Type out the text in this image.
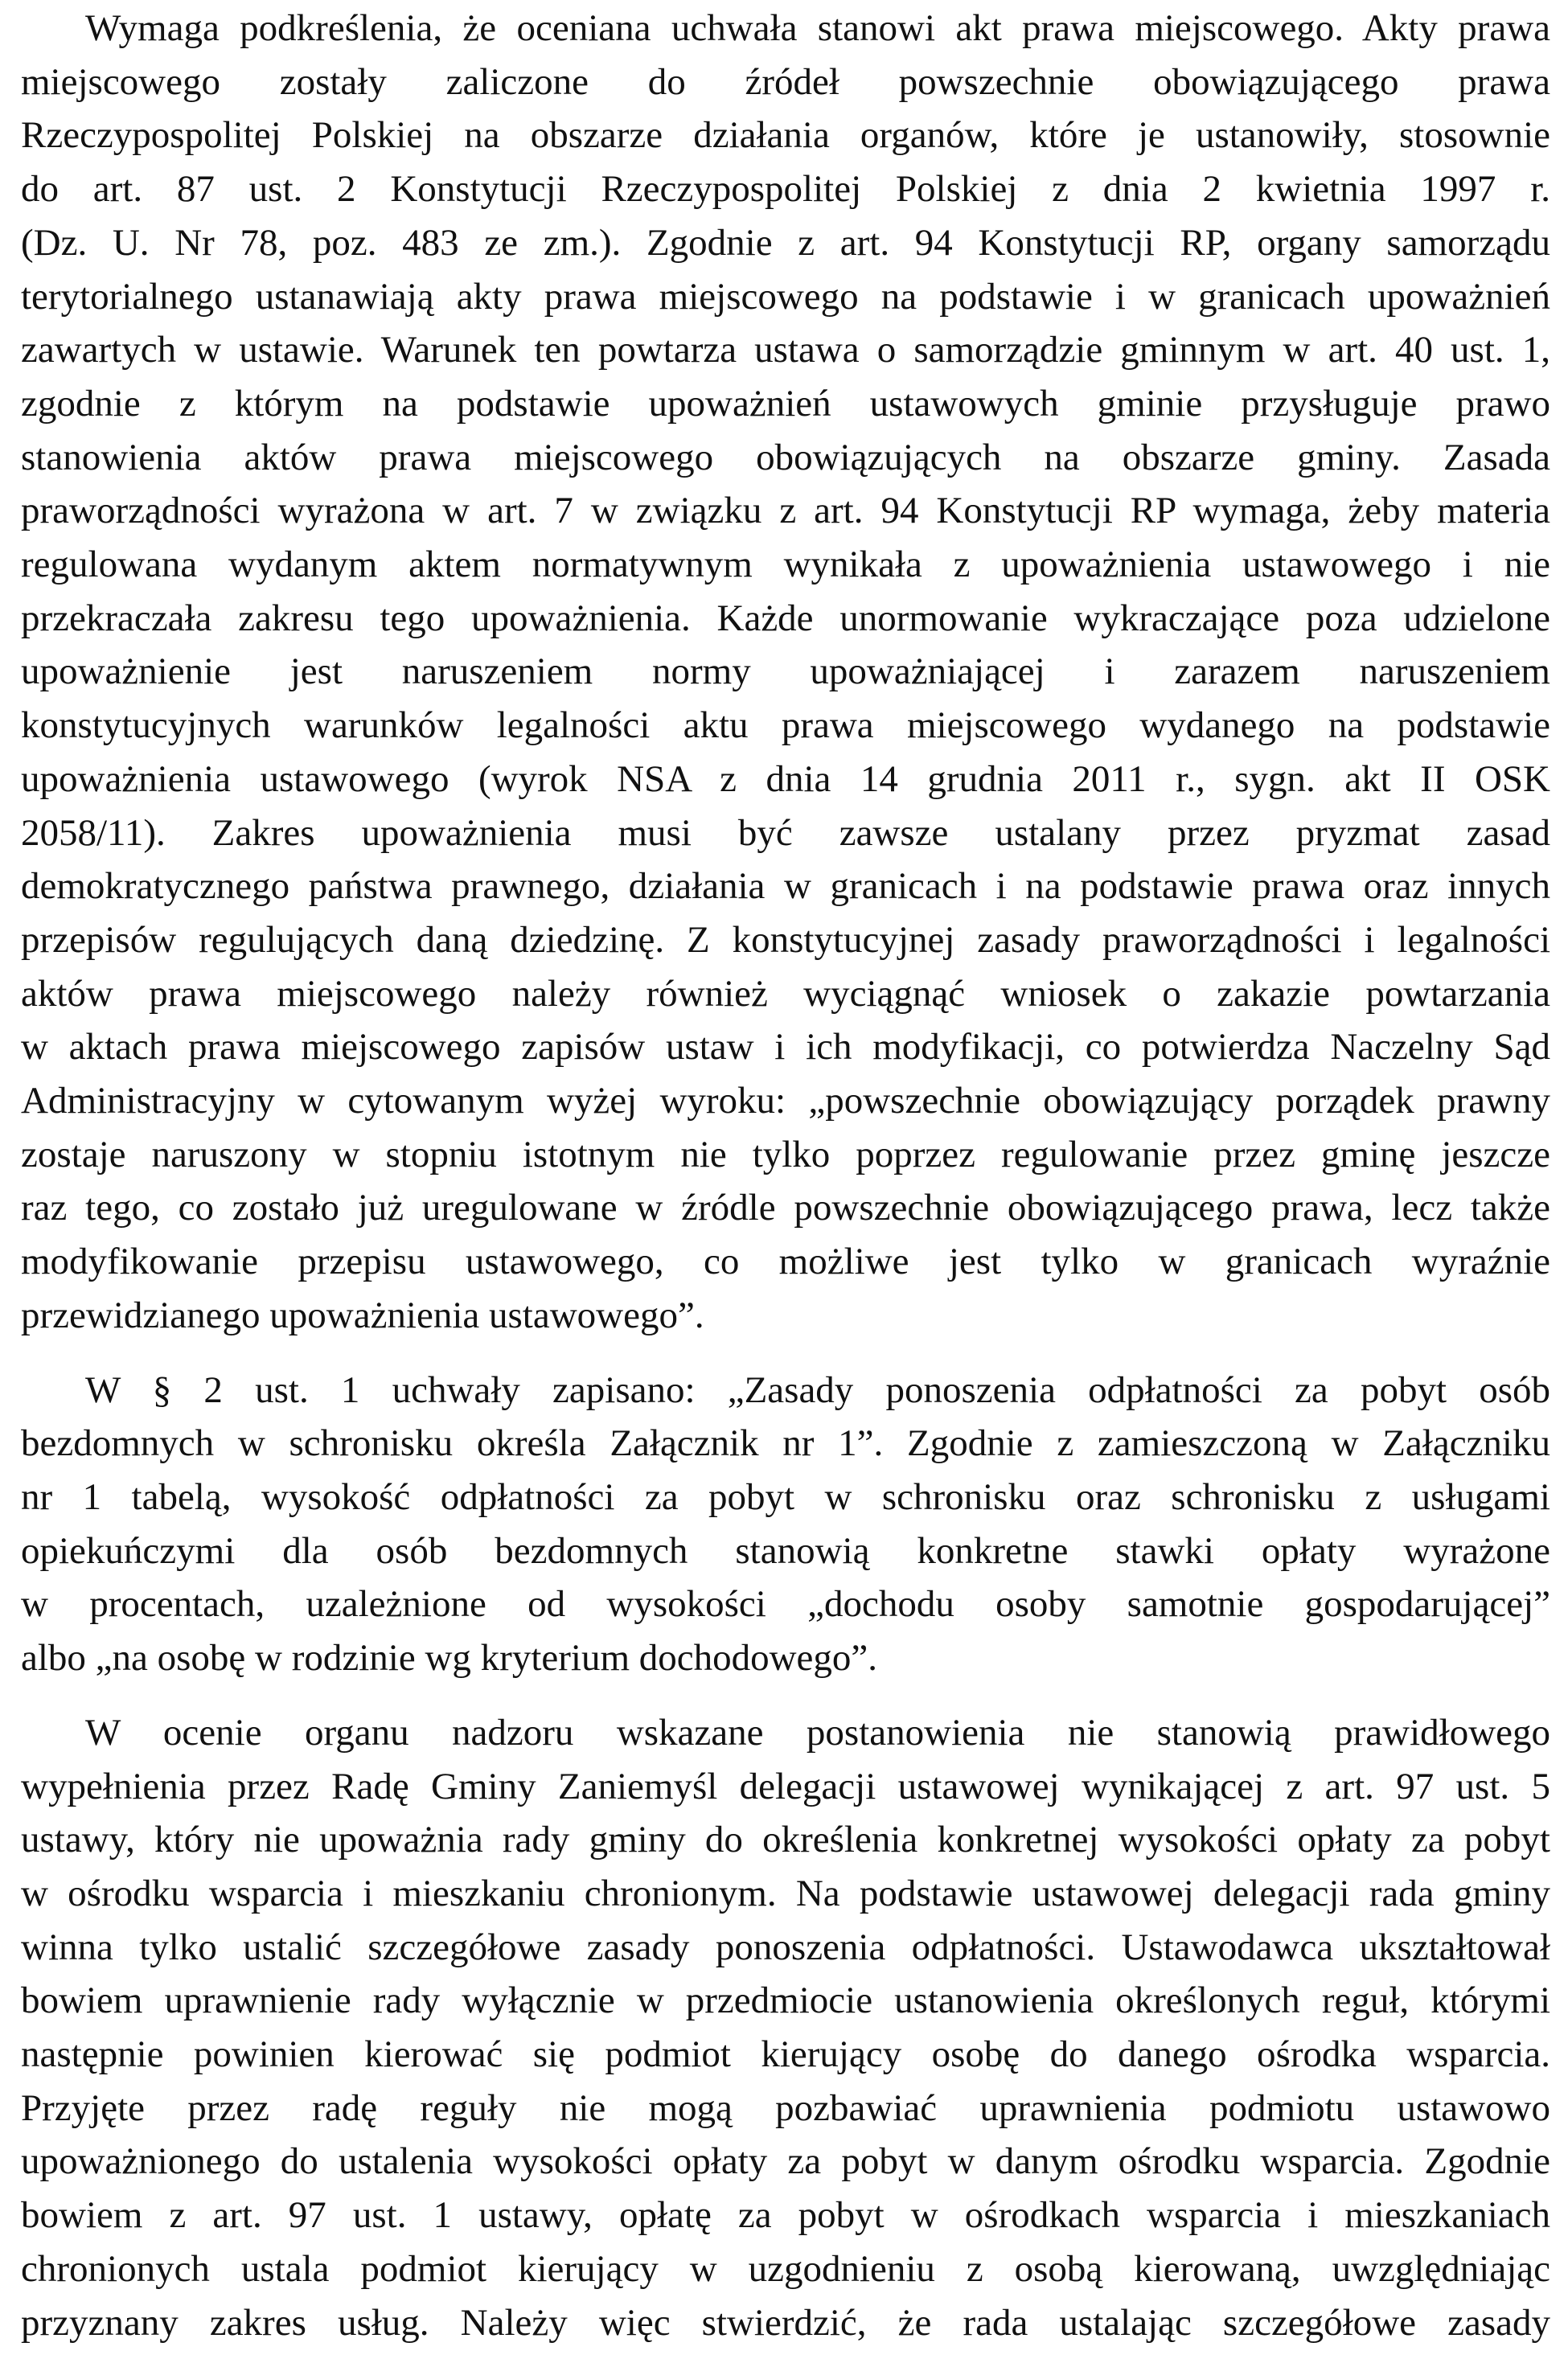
Wymaga podkreślenia, że oceniana uchwała stanowi akt prawa miejscowego. Akty prawa
miejscowego zostały zaliczone do źródeł powszechnie obowiązującego prawa
Rzeczypospolitej Polskiej na obszarze działania organów, które je ustanowiły, stosownie
do art. 87 ust. 2 Konstytucji Rzeczypospolitej Polskiej z dnia 2 kwietnia 1997 r.
(Dz. U. Nr 78, poz. 483 ze zm.). Zgodnie z art. 94 Konstytucji RP, organy samorządu
terytorialnego ustanawiają akty prawa miejscowego na podstawie i w granicach upoważnień
zawartych w ustawie. Warunek ten powtarza ustawa o samorządzie gminnym w art. 40 ust. 1,
zgodnie z którym na podstawie upoważnień ustawowych gminie przysługuje prawo
stanowienia aktów prawa miejscowego obowiązujących na obszarze gminy. Zasada
praworządności wyrażona w art. 7 w związku z art. 94 Konstytucji RP wymaga, żeby materia
regulowana wydanym aktem normatywnym wynikała z upoważnienia ustawowego i nie
przekraczała zakresu tego upoważnienia. Każde unormowanie wykraczające poza udzielone
upoważnienie jest naruszeniem normy upoważniającej i zarazem naruszeniem
konstytucyjnych warunków legalności aktu prawa miejscowego wydanego na podstawie
upoważnienia ustawowego (wyrok NSA z dnia 14 grudnia 2011 r., sygn. akt II OSK
2058/11). Zakres upoważnienia musi być zawsze ustalany przez pryzmat zasad
demokratycznego państwa prawnego, działania w granicach i na podstawie prawa oraz innych
przepisów regulujących daną dziedzinę. Z konstytucyjnej zasady praworządności i legalności
aktów prawa miejscowego należy również wyciągnąć wniosek o zakazie powtarzania
w aktach prawa miejscowego zapisów ustaw i ich modyfikacji, co potwierdza Naczelny Sąd
Administracyjny w cytowanym wyżej wyroku: „powszechnie obowiązujący porządek prawny
zostaje naruszony w stopniu istotnym nie tylko poprzez regulowanie przez gminę jeszcze
raz tego, co zostało już uregulowane w źródle powszechnie obowiązującego prawa, lecz także
modyfikowanie przepisu ustawowego, co możliwe jest tylko w granicach wyraźnie
przewidzianego upoważnienia ustawowego”.
W § 2 ust. 1 uchwały zapisano: „Zasady ponoszenia odpłatności za pobyt osób
bezdomnych w schronisku określa Załącznik nr 1”. Zgodnie z zamieszczoną w Załączniku
nr 1 tabelą, wysokość odpłatności za pobyt w schronisku oraz schronisku z usługami
opiekuńczymi dla osób bezdomnych stanowią konkretne stawki opłaty wyrażone
w procentach, uzależnione od wysokości „dochodu osoby samotnie gospodarującej”
albo „na osobę w rodzinie wg kryterium dochodowego”.
W ocenie organu nadzoru wskazane postanowienia nie stanowią prawidłowego
wypełnienia przez Radę Gminy Zaniemyśl delegacji ustawowej wynikającej z art. 97 ust. 5
ustawy, który nie upoważnia rady gminy do określenia konkretnej wysokości opłaty za pobyt
w ośrodku wsparcia i mieszkaniu chronionym. Na podstawie ustawowej delegacji rada gminy
winna tylko ustalić szczegółowe zasady ponoszenia odpłatności. Ustawodawca ukształtował
bowiem uprawnienie rady wyłącznie w przedmiocie ustanowienia określonych reguł, którymi
następnie powinien kierować się podmiot kierujący osobę do danego ośrodka wsparcia.
Przyjęte przez radę reguły nie mogą pozbawiać uprawnienia podmiotu ustawowo
upoważnionego do ustalenia wysokości opłaty za pobyt w danym ośrodku wsparcia. Zgodnie
bowiem z art. 97 ust. 1 ustawy, opłatę za pobyt w ośrodkach wsparcia i mieszkaniach
chronionych ustala podmiot kierujący w uzgodnieniu z osobą kierowaną, uwzględniając
przyznany zakres usług. Należy więc stwierdzić, że rada ustalając szczegółowe zasady
